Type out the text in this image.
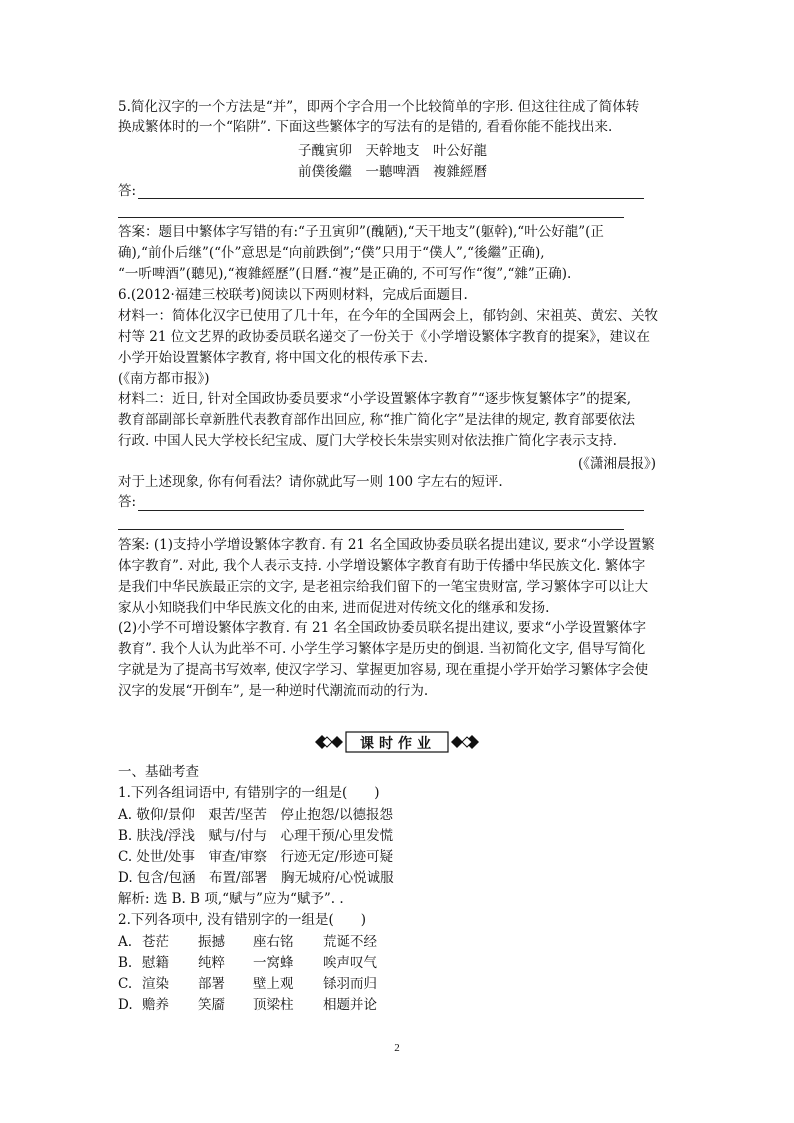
5.简化汉字的一个方法是“并”，即两个字合用一个比较简单的字形. 但这往往成了简体转
换成繁体时的一个“陷阱”. 下面这些繁体字的写法有的是错的, 看看你能不能找出来.
子醜寅卯　天幹地支　叶公好龍
前僕後繼　一聽啤酒　複雜經曆
答:
答案：题目中繁体字写错的有:“子丑寅卯”(醜陋),“天干地支”(躯幹),“叶公好龍”(正
确),“前仆后继”(“仆”意思是“向前跌倒”;“僕”只用于“僕人”,“後繼”正确),
“一听啤酒”(聽见),“複雜經歷”(日曆.“複”是正确的, 不可写作“復”,“雜”正确).
6.(2012·福建三校联考)阅读以下两则材料，完成后面题目.
材料一：简体化汉字已使用了几十年，在今年的全国两会上，郁钧剑、宋祖英、黄宏、关牧
村等 21 位文艺界的政协委员联名递交了一份关于《小学增设繁体字教育的提案》，建议在
小学开始设置繁体字教育, 将中国文化的根传承下去.
(《南方都市报》)
材料二：近日, 针对全国政协委员要求“小学设置繁体字教育”“逐步恢复繁体字”的提案,
教育部副部长章新胜代表教育部作出回应, 称“推广简化字”是法律的规定, 教育部要依法
行政. 中国人民大学校长纪宝成、厦门大学校长朱崇实则对依法推广简化字表示支持.
(《潇湘晨报》)
对于上述现象, 你有何看法？请你就此写一则 100 字左右的短评.
答:
答案: (1)支持小学增设繁体字教育. 有 21 名全国政协委员联名提出建议, 要求“小学设置繁
体字教育”. 对此, 我个人表示支持. 小学增设繁体字教育有助于传播中华民族文化. 繁体字
是我们中华民族最正宗的文字, 是老祖宗给我们留下的一笔宝贵财富, 学习繁体字可以让大
家从小知晓我们中华民族文化的由来, 进而促进对传统文化的继承和发扬.
(2)小学不可增设繁体字教育. 有 21 名全国政协委员联名提出建议, 要求“小学设置繁体字
教育”. 我个人认为此举不可. 小学生学习繁体字是历史的倒退. 当初简化文字, 倡导写简化
字就是为了提高书写效率, 使汉字学习、掌握更加容易, 现在重提小学开始学习繁体字会使
汉字的发展“开倒车”, 是一种逆时代潮流而动的行为.
课时作业
一、基础考查
1.下列各组词语中, 有错别字的一组是(　　)
A. 敬仰/景仰　艰苦/坚苦　停止抱怨/以德报怨
B. 肤浅/浮浅　赋与/付与　心理干预/心里发慌
C. 处世/处事　审查/审察　行迹无定/形迹可疑
D. 包含/包涵　布置/部署　胸无城府/心悦诚服
解析: 选 B. B 项,“赋与”应为“赋予”. .
2.下列各项中, 没有错别字的一组是(　　)
A. 苍茫 振撼 座右铭 荒诞不经
B. 慰籍 纯粹 一窝蜂 唉声叹气
C. 渲染 部署 壁上观 铩羽而归
D. 赡养 笑靥 顶梁柱 相题并论
2
